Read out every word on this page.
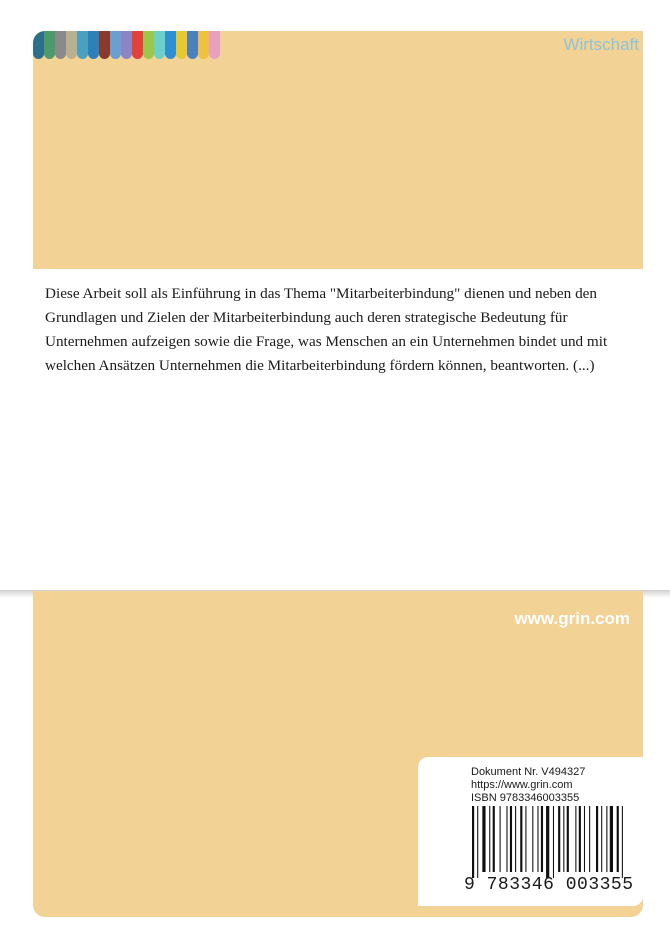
Wirtschaft

Diese Arbeit soll als Einführung in das Thema "Mitarbeiterbindung" dienen und neben den Grundlagen und Zielen der Mitarbeiterbindung auch deren strategische Bedeutung für Unternehmen aufzeigen sowie die Frage, was Menschen an ein Unternehmen bindet und mit welchen Ansätzen Unternehmen die Mitarbeiterbindung fördern können, beantworten. (...)

www.grin.com
Dokument Nr. V494327
https://www.grin.com
ISBN 9783346003355
9 783346 003355
